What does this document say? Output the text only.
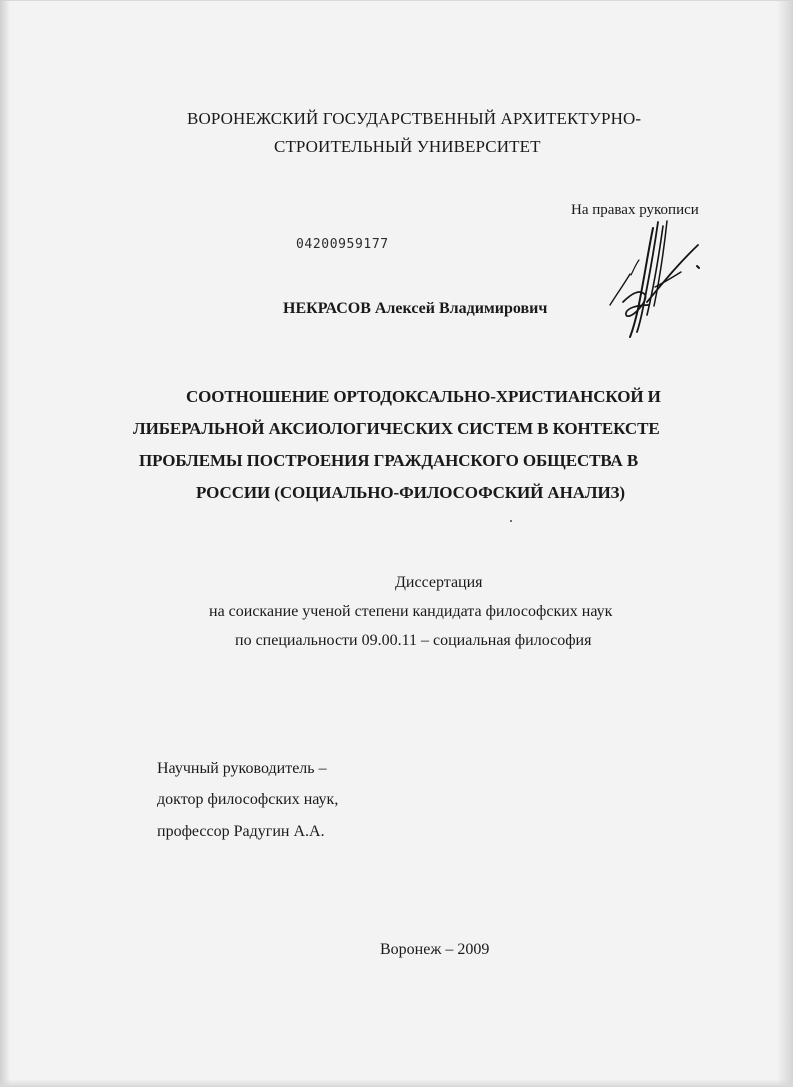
ВОРОНЕЖСКИЙ ГОСУДАРСТВЕННЫЙ АРХИТЕКТУРНО-
СТРОИТЕЛЬНЫЙ УНИВЕРСИТЕТ
На правах рукописи
04200959177
НЕКРАСОВ Алексей Владимирович
СООТНОШЕНИЕ ОРТОДОКСАЛЬНО-ХРИСТИАНСКОЙ И
ЛИБЕРАЛЬНОЙ АКСИОЛОГИЧЕСКИХ СИСТЕМ В КОНТЕКСТЕ
ПРОБЛЕМЫ ПОСТРОЕНИЯ ГРАЖДАНСКОГО ОБЩЕСТВА В
РОССИИ (СОЦИАЛЬНО-ФИЛОСОФСКИЙ АНАЛИЗ)
Диссертация
на соискание ученой степени кандидата философских наук
по специальности 09.00.11 – социальная философия
Научный руководитель –
доктор философских наук,
профессор Радугин А.А.
Воронеж – 2009
